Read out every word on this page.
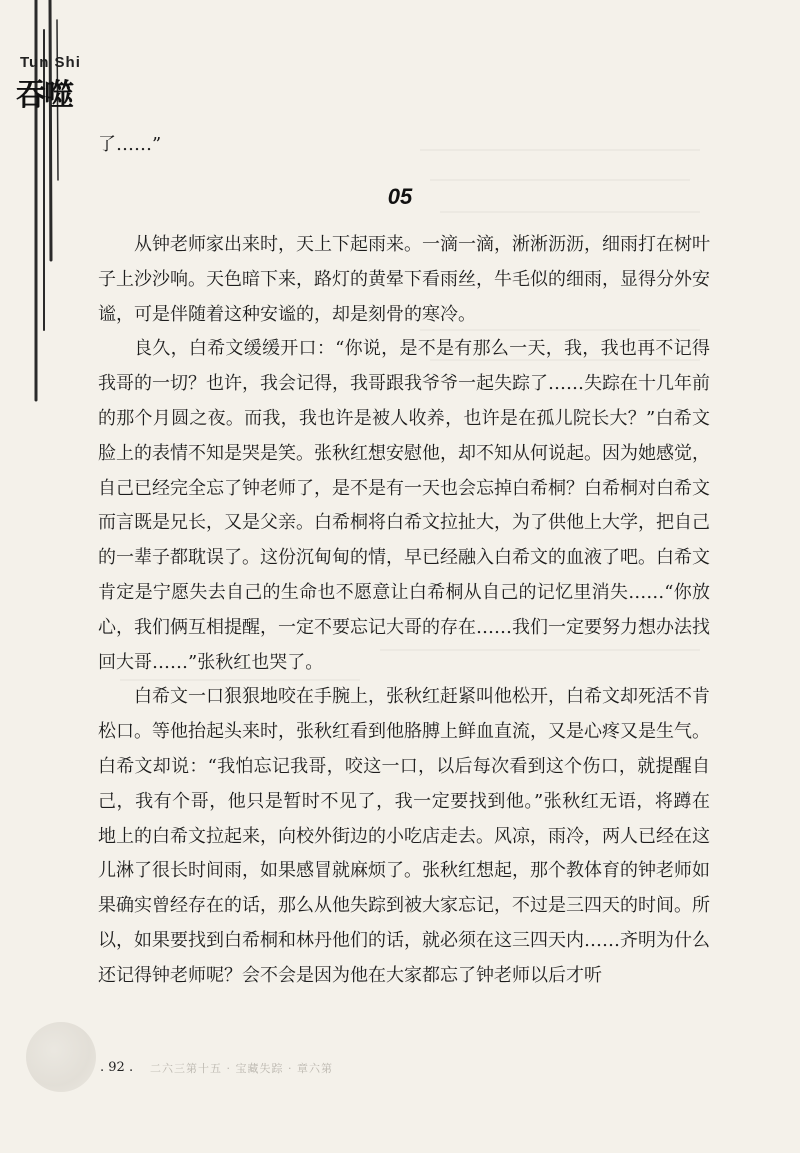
Tun Shi
吞噬
了……”
05

从钟老师家出来时，天上下起雨来。一滴一滴，淅淅沥沥，细雨打在树叶子上沙沙响。天色暗下来，路灯的黄晕下看雨丝，牛毛似的细雨，显得分外安谧，可是伴随着这种安谧的，却是刻骨的寒冷。

良久，白希文缓缓开口：“你说，是不是有那么一天，我，我也再不记得我哥的一切？也许，我会记得，我哥跟我爷爷一起失踪了……失踪在十几年前的那个月圆之夜。而我，我也许是被人收养，也许是在孤儿院长大？”白希文脸上的表情不知是哭是笑。张秋红想安慰他，却不知从何说起。因为她感觉，自己已经完全忘了钟老师了，是不是有一天也会忘掉白希桐？白希桐对白希文而言既是兄长，又是父亲。白希桐将白希文拉扯大，为了供他上大学，把自己的一辈子都耽误了。这份沉甸甸的情，早已经融入白希文的血液了吧。白希文肯定是宁愿失去自己的生命也不愿意让白希桐从自己的记忆里消失……“你放心，我们俩互相提醒，一定不要忘记大哥的存在……我们一定要努力想办法找回大哥……”张秋红也哭了。

白希文一口狠狠地咬在手腕上，张秋红赶紧叫他松开，白希文却死活不肯松口。等他抬起头来时，张秋红看到他胳膊上鲜血直流，又是心疼又是生气。白希文却说：“我怕忘记我哥，咬这一口，以后每次看到这个伤口，就提醒自己，我有个哥，他只是暂时不见了，我一定要找到他。”张秋红无语，将蹲在地上的白希文拉起来，向校外街边的小吃店走去。风凉，雨冷，两人已经在这儿淋了很长时间雨，如果感冒就麻烦了。张秋红想起，那个教体育的钟老师如果确实曾经存在的话，那么从他失踪到被大家忘记，不过是三四天的时间。所以，如果要找到白希桐和林丹他们的话，就必须在这三四天内……齐明为什么还记得钟老师呢？会不会是因为他在大家都忘了钟老师以后才听

. 92 . 二六三第十五 · 宝藏失踪 · 章六第
